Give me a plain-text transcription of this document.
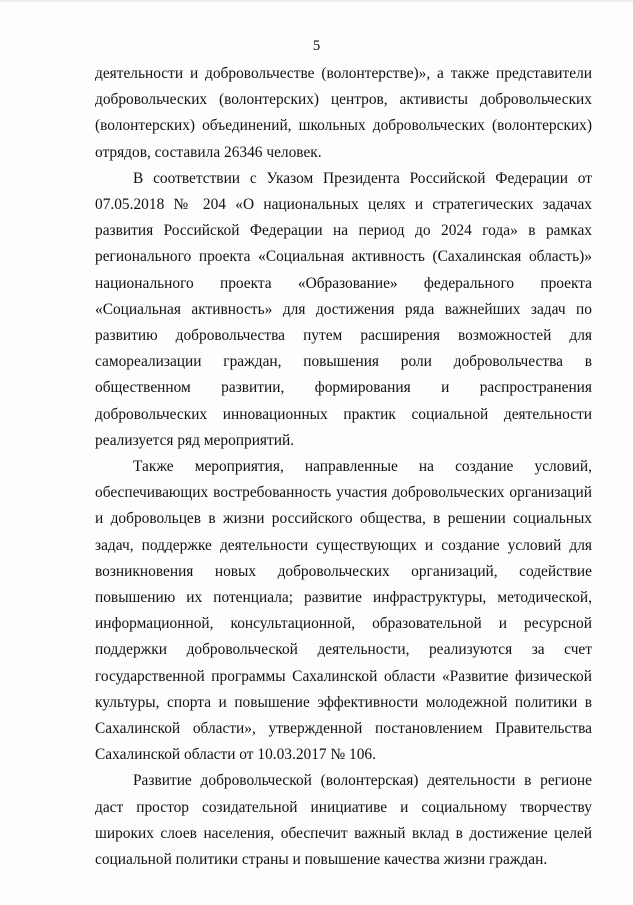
5

деятельности и добровольчестве (волонтерстве)», а также представители добровольческих (волонтерских) центров, активисты добровольческих (волонтерских) объединений, школьных добровольческих (волонтерских) отрядов, составила 26346 человек.

В соответствии с Указом Президента Российской Федерации от 07.05.2018 № 204 «О национальных целях и стратегических задачах развития Российской Федерации на период до 2024 года» в рамках регионального проекта «Социальная активность (Сахалинская область)» национального проекта «Образование» федерального проекта «Социальная активность» для достижения ряда важнейших задач по развитию добровольчества путем расширения возможностей для самореализации граждан, повышения роли добровольчества в общественном развитии, формирования и распространения добровольческих инновационных практик социальной деятельности реализуется ряд мероприятий.

Также мероприятия, направленные на создание условий, обеспечивающих востребованность участия добровольческих организаций и добровольцев в жизни российского общества, в решении социальных задач, поддержке деятельности существующих и создание условий для возникновения новых добровольческих организаций, содействие повышению их потенциала; развитие инфраструктуры, методической, информационной, консультационной, образовательной и ресурсной поддержки добровольческой деятельности, реализуются за счет государственной программы Сахалинской области «Развитие физической культуры, спорта и повышение эффективности молодежной политики в Сахалинской области», утвержденной постановлением Правительства Сахалинской области от 10.03.2017 № 106.

Развитие добровольческой (волонтерская) деятельности в регионе даст простор созидательной инициативе и социальному творчеству широких слоев населения, обеспечит важный вклад в достижение целей социальной политики страны и повышение качества жизни граждан.
